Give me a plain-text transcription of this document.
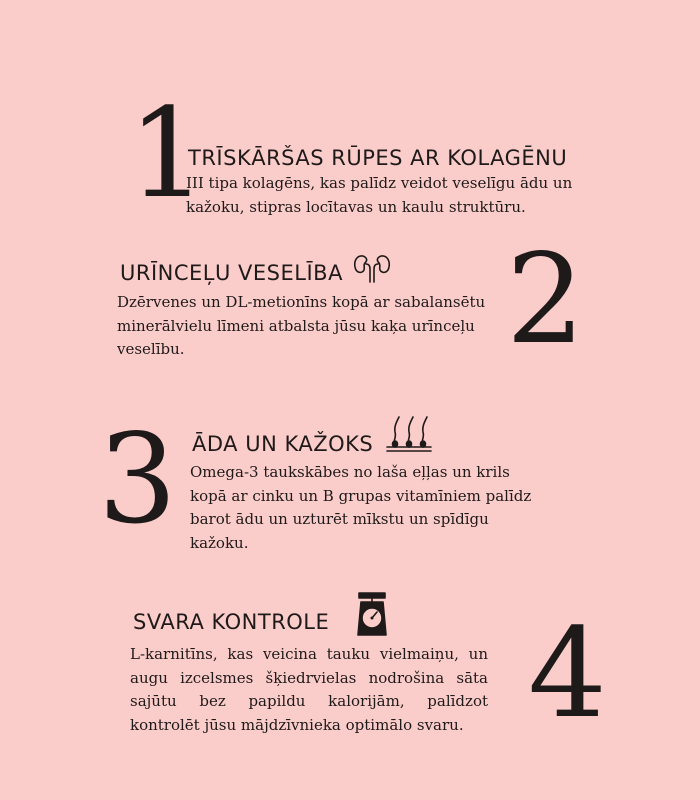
1
TRĪSKĀRŠAS RŪPES AR KOLAGĒNU
III tipa kolagēns, kas palīdz veidot veselīgu ādu un kažoku, stipras locītavas un kaulu struktūru.
URĪNCEĻU VESELĪBA 2
Dzērvenes un DL-metionīns kopā ar sabalansētu minerālvielu līmeni atbalsta jūsu kaķa urīnceļu veselību.
3 ĀDA UN KAŽOKS
Omega-3 taukskābes no laša eļļas un krils kopā ar cinku un B grupas vitamīniem palīdz barot ādu un uzturēt mīkstu un spīdīgu kažoku.
SVARA KONTROLE
L-karnitīns, kas veicina tauku vielmaiņu, un augu izcelsmes šķiedrvielas nodrošina sāta sajūtu bez papildu kalorijām, palīdzot kontrolēt jūsu mājdzīvnieka optimālo svaru. 4
